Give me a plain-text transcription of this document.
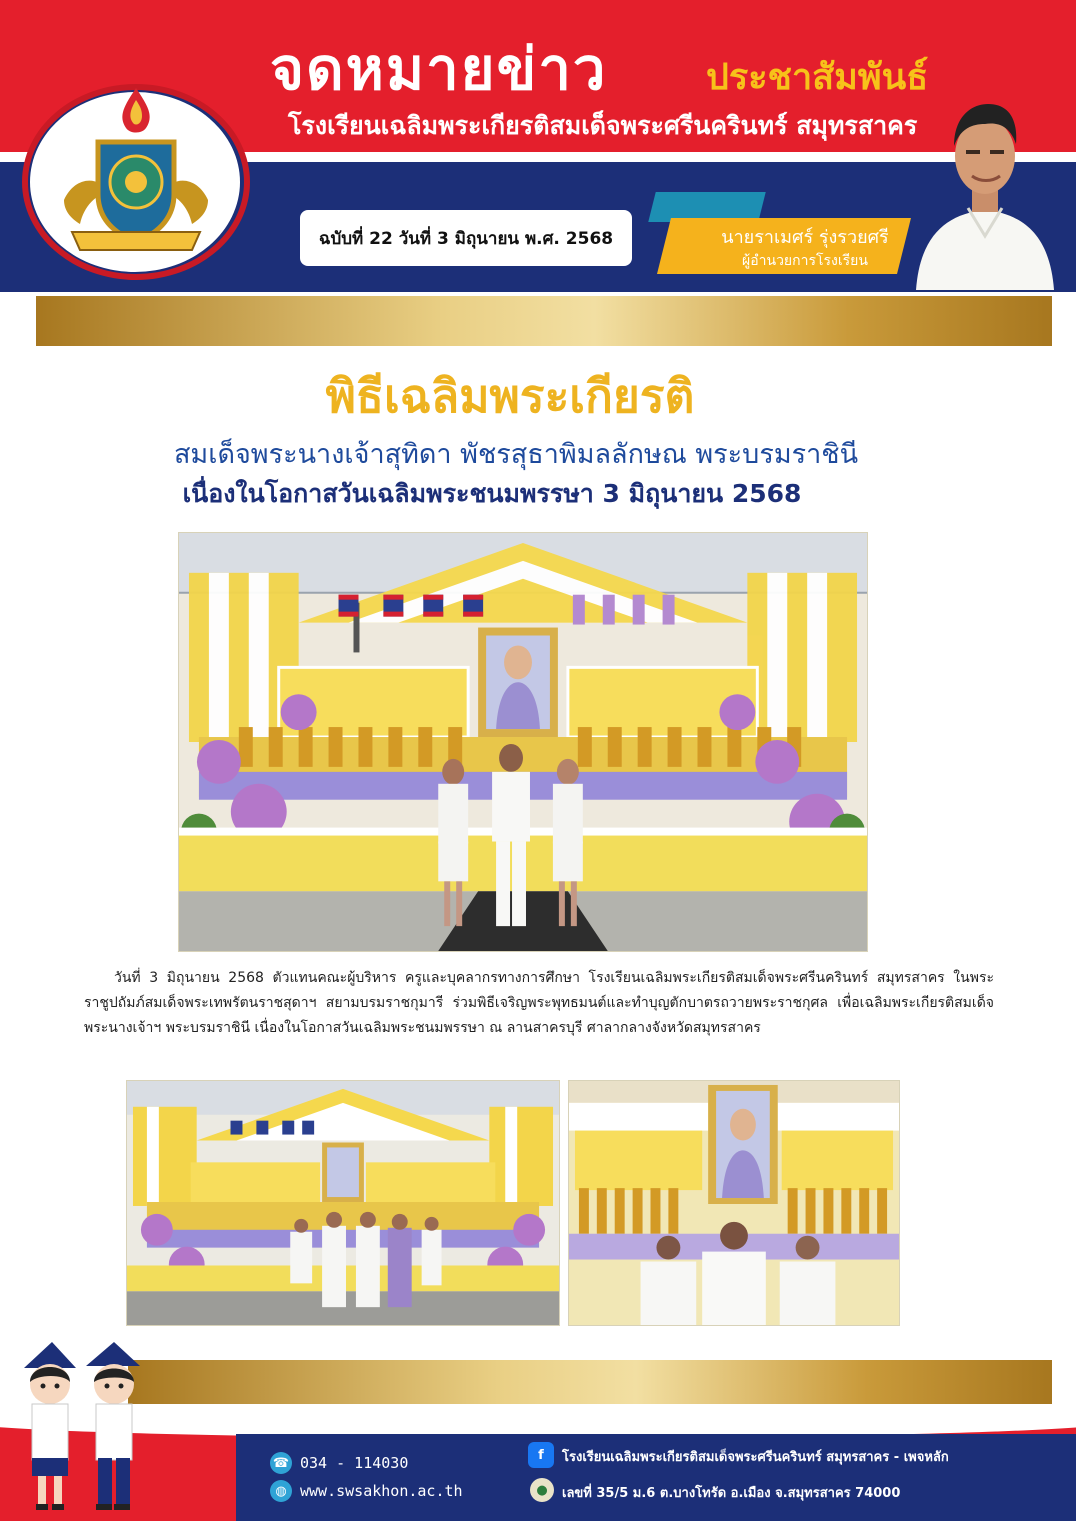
จดหมายข่าว	ประชาสัมพันธ์
โรงเรียนเฉลิมพระเกียรติสมเด็จพระศรีนครินทร์ สมุทรสาคร
ฉบับที่ 22 วันที่ 3 มิถุนายน พ.ศ. 2568	นายราเมศร์ รุ่งรวยศรี
ผู้อำนวยการโรงเรียน
พิธีเฉลิมพระเกียรติ
สมเด็จพระนางเจ้าสุทิดา พัชรสุธาพิมลลักษณ พระบรมราชินี
เนื่องในโอกาสวันเฉลิมพระชนมพรรษา 3 มิถุนายน 2568

วันที่ 3 มิถุนายน 2568 ตัวแทนคณะผู้บริหาร ครูและบุคลากรทางการศึกษา โรงเรียนเฉลิมพระเกียรติสมเด็จพระศรีนครินทร์ สมุทรสาคร ในพระราชูปถัมภ์สมเด็จพระเทพรัตนราชสุดาฯ สยามบรมราชกุมารี ร่วมพิธีเจริญพระพุทธมนต์และทำบุญตักบาตรถวายพระราชกุศล เพื่อเฉลิมพระเกียรติสมเด็จพระนางเจ้าฯ พระบรมราชินี เนื่องในโอกาสวันเฉลิมพระชนมพรรษา ณ ลานสาครบุรี ศาลากลางจังหวัดสมุทรสาคร

☎ 034 - 114030
◍ www.swsakhon.ac.th
f	โรงเรียนเฉลิมพระเกียรติสมเด็จพระศรีนครินทร์ สมุทรสาคร - เพจหลัก
●	เลขที่ 35/5 ม.6 ต.บางโทรัด อ.เมือง จ.สมุทรสาคร 74000
